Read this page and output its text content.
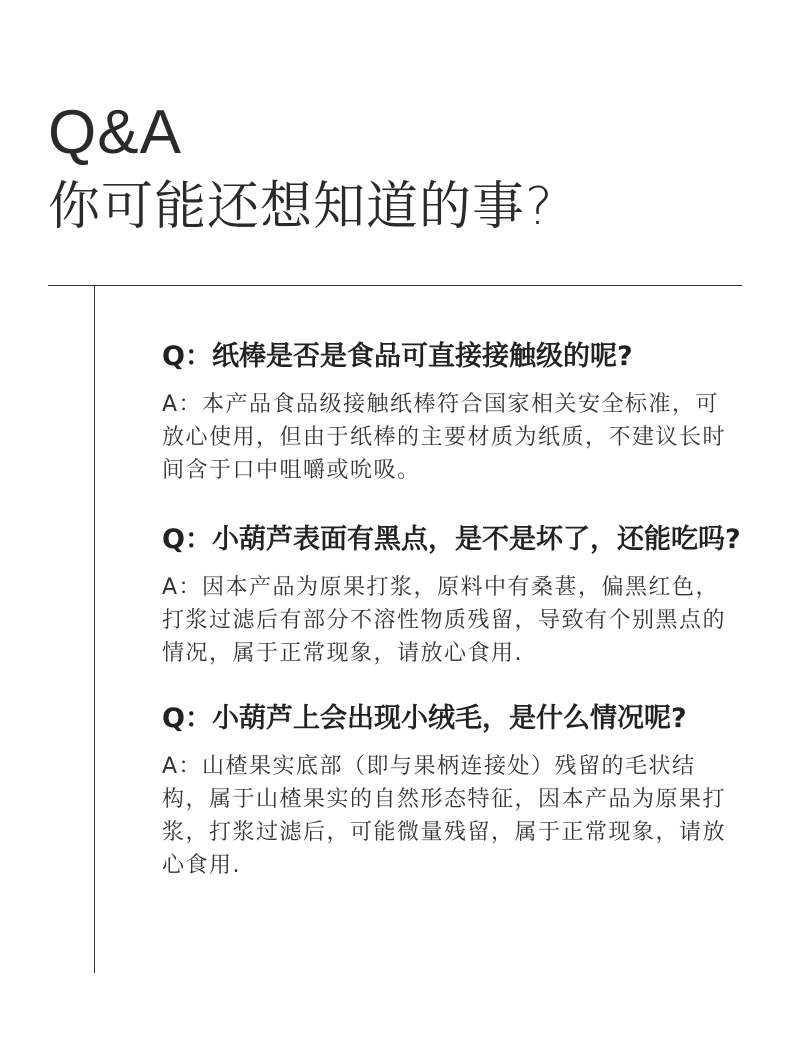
Q&A
你可能还想知道的事?
Q： 纸棒是否是食品可直接接触级的呢?
A：本产品食品级接触纸棒符合国家相关安全标准，可放心使用，但由于纸棒的主要材质为纸质，不建议长时间含于口中咀嚼或吮吸。
Q： 小葫芦表面有黑点，是不是坏了，还能吃吗?
A：因本产品为原果打浆，原料中有桑葚，偏黑红色，打浆过滤后有部分不溶性物质残留，导致有个别黑点的情况，属于正常现象，请放心食用.
Q： 小葫芦上会出现小绒毛，是什么情况呢?
A：山楂果实底部（即与果柄连接处）残留的毛状结构，属于山楂果实的自然形态特征，因本产品为原果打浆，打浆过滤后，可能微量残留，属于正常现象，请放心食用.
